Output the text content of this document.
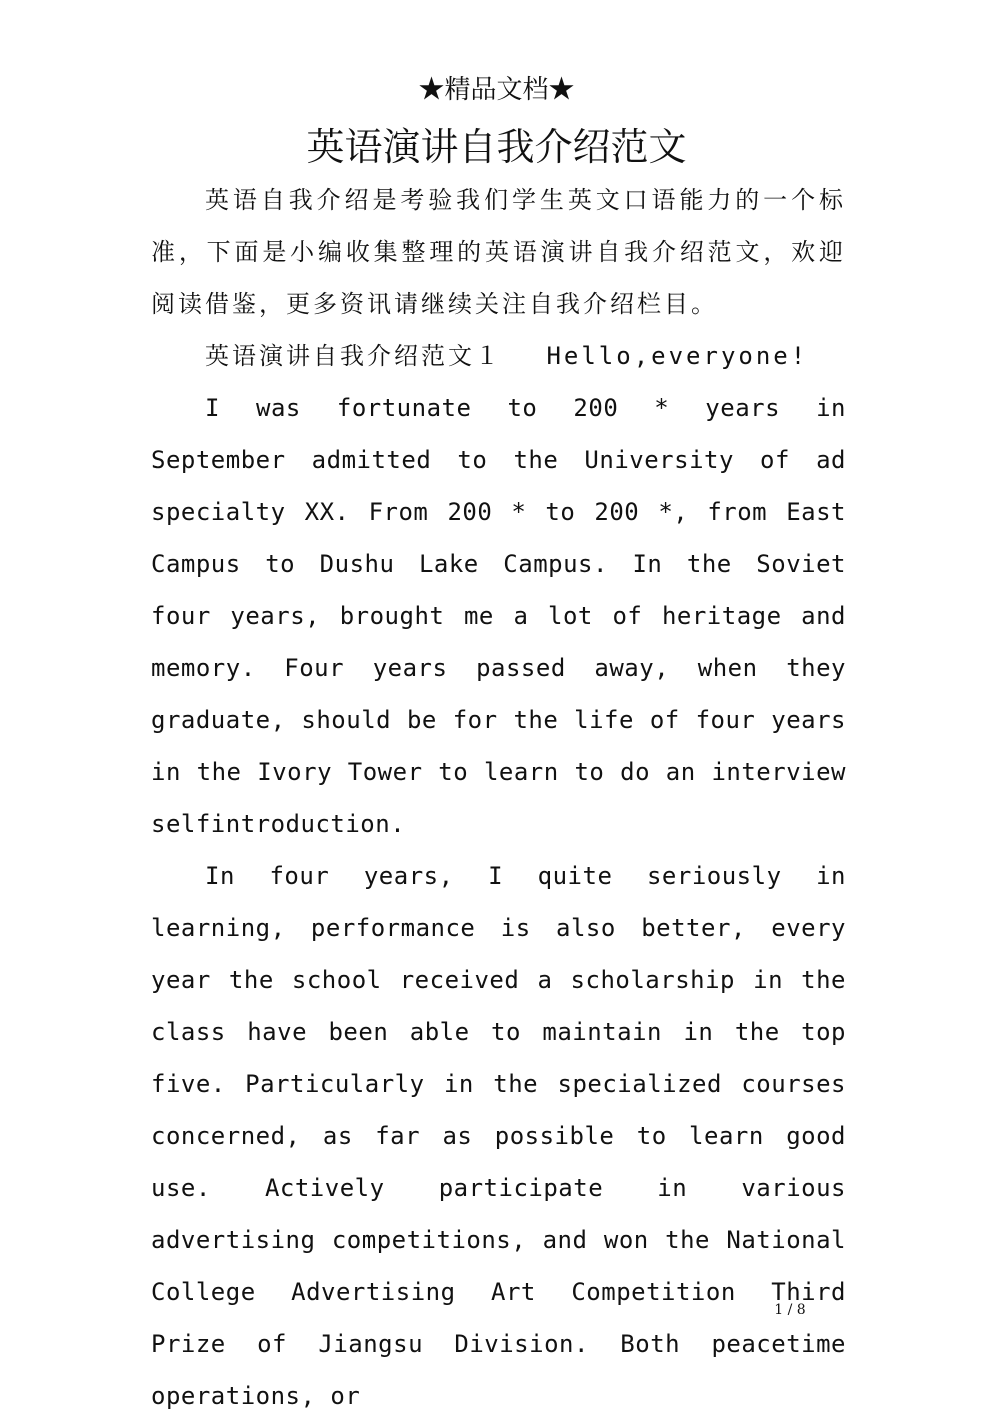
★精品文档★
英语演讲自我介绍范文

英语自我介绍是考验我们学生英文口语能力的一个标准，下面是小编收集整理的英语演讲自我介绍范文，欢迎阅读借鉴，更多资讯请继续关注自我介绍栏目。

英语演讲自我介绍范文１　 Hello,everyone!

I was fortunate to 200 * years in September admitted to the University of ad specialty XX. From 200 * to 200 *, from East Campus to Dushu Lake Campus. In the Soviet four years, brought me a lot of heritage and memory. Four years passed away, when they graduate, should be for the life of four years in the Ivory Tower to learn to do an interview selfintroduction.

In four years, I quite seriously in learning, performance is also better, every year the school received a scholarship in the class have been able to maintain in the top five. Particularly in the specialized courses concerned, as far as possible to learn good use. Actively participate in various advertising competitions, and won the National College Advertising Art Competition Third Prize of Jiangsu Division. Both peacetime operations, or

1 / 8
